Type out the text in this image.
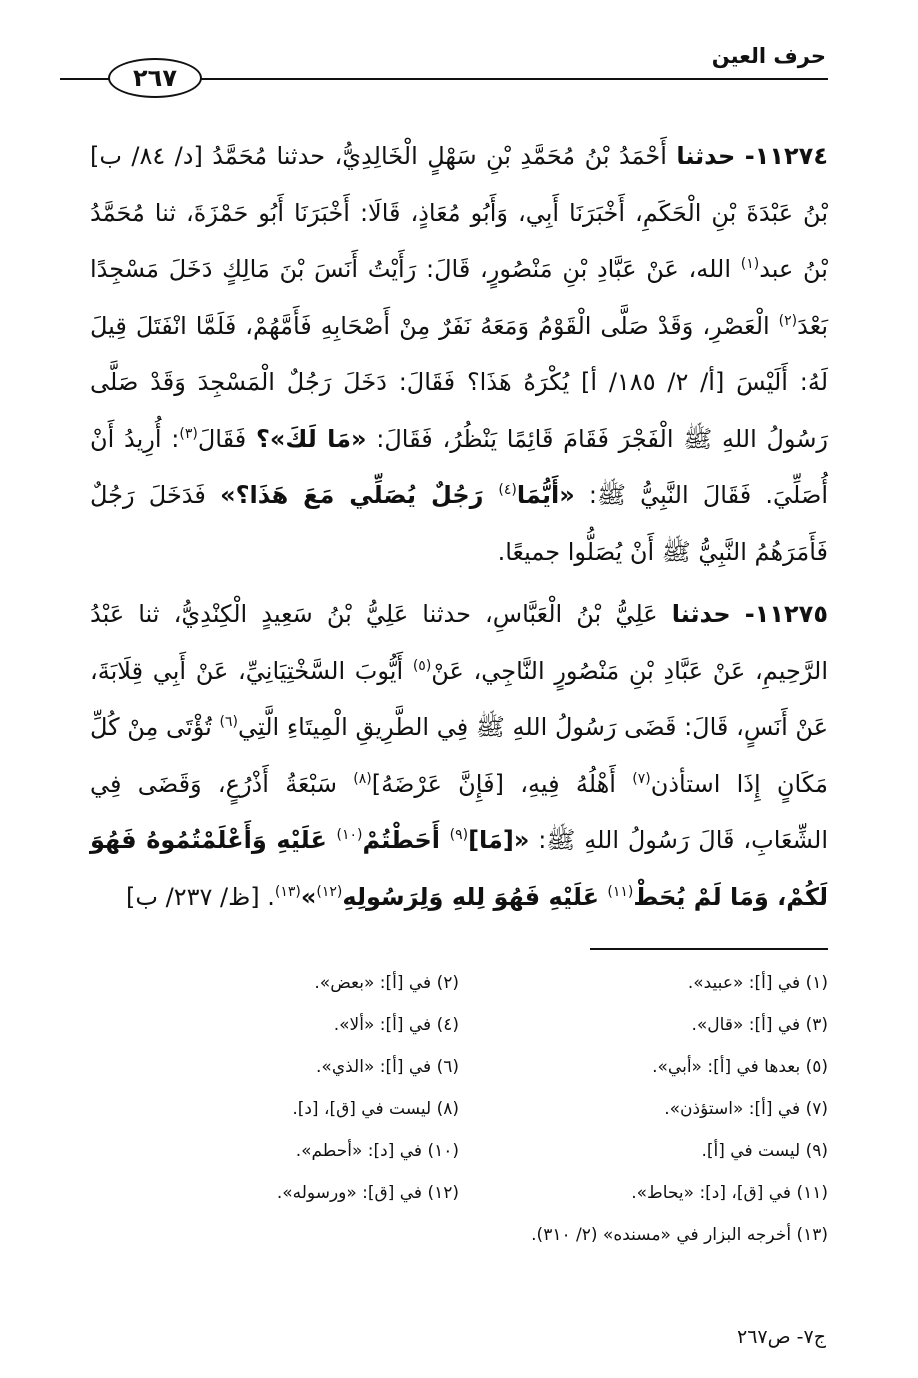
حرف العين
٢٦٧

١١٢٧٤- حدثنا أَحْمَدُ بْنُ مُحَمَّدِ بْنِ سَهْلٍ الْخَالِدِيُّ، حدثنا مُحَمَّدُ [د/ ٨٤/ ب] بْنُ عَبْدَةَ بْنِ الْحَكَمِ، أَخْبَرَنَا أَبِي، وَأَبُو مُعَاذٍ، قَالَا: أَخْبَرَنَا أَبُو حَمْزَةَ، ثنا مُحَمَّدُ بْنُ عبد$^{(١)}$ الله، عَنْ عَبَّادِ بْنِ مَنْصُورٍ، قَالَ: رَأَيْتُ أَنَسَ بْنَ مَالِكٍ دَخَلَ مَسْجِدًا بَعْدَ$^{(٢)}$ الْعَصْرِ، وَقَدْ صَلَّى الْقَوْمُ وَمَعَهُ نَفَرٌ مِنْ أَصْحَابِهِ فَأَمَّهُمْ، فَلَمَّا انْفَتَلَ قِيلَ لَهُ: أَلَيْسَ [أ/ ٢/ ١٨٥/ أ] يُكْرَهُ هَذَا؟ فَقَالَ: دَخَلَ رَجُلٌ الْمَسْجِدَ وَقَدْ صَلَّى رَسُولُ اللهِ ﷺ الْفَجْرَ فَقَامَ قَائِمًا يَنْظُرُ، فَقَالَ: «مَا لَكَ»؟ فَقَالَ$^{(٣)}$: أُرِيدُ أَنْ أُصَلِّيَ. فَقَالَ النَّبِيُّ ﷺ: «أَيُّمَا$^{(٤)}$ رَجُلٌ يُصَلِّي مَعَ هَذَا؟» فَدَخَلَ رَجُلٌ فَأَمَرَهُمُ النَّبِيُّ ﷺ أَنْ يُصَلُّوا جميعًا.

١١٢٧٥- حدثنا عَلِيُّ بْنُ الْعَبَّاسِ، حدثنا عَلِيُّ بْنُ سَعِيدٍ الْكِنْدِيُّ، ثنا عَبْدُ الرَّحِيمِ، عَنْ عَبَّادِ بْنِ مَنْصُورٍ النَّاجِي، عَنْ$^{(٥)}$ أَيُّوبَ السَّخْتِيَانِيِّ، عَنْ أَبِي قِلَابَةَ، عَنْ أَنَسٍ، قَالَ: قَضَى رَسُولُ اللهِ ﷺ فِي الطَّرِيقِ الْمِيتَاءِ الَّتِي$^{(٦)}$ تُؤْتَى مِنْ كُلِّ مَكَانٍ إِذَا استأذن$^{(٧)}$ أَهْلُهُ فِيهِ، [فَإِنَّ عَرْضَهُ]$^{(٨)}$ سَبْعَةُ أَذْرُعٍ، وَقَضَى فِي الشِّعَابِ، قَالَ رَسُولُ اللهِ ﷺ: «[مَا]$^{(٩)}$ أَحَطْتُمْ$^{(١٠)}$ عَلَيْهِ وَأَعْلَمْتُمُوهُ فَهُوَ لَكُمْ، وَمَا لَمْ يُحَطْ$^{(١١)}$ عَلَيْهِ فَهُوَ لِلهِ وَلِرَسُولِهِ$^{(١٢)}$»$^{(١٣)}$. [ظ/ ٢٣٧/ ب]

(١) في [أ]: «عبيد».
(٢) في [أ]: «بعض».
(٣) في [أ]: «قال».
(٤) في [أ]: «ألا».
(٥) بعدها في [أ]: «أبي».
(٦) في [أ]: «الذي».
(٧) في [أ]: «استؤذن».
(٨) ليست في [ق]، [د].
(٩) ليست في [أ].
(١٠) في [د]: «أحطم».
(١١) في [ق]، [د]: «يحاط».
(١٢) في [ق]: «ورسوله».
(١٣) أخرجه البزار في «مسنده» (٢/ ٣١٠).
ج٧- ص٢٦٧
